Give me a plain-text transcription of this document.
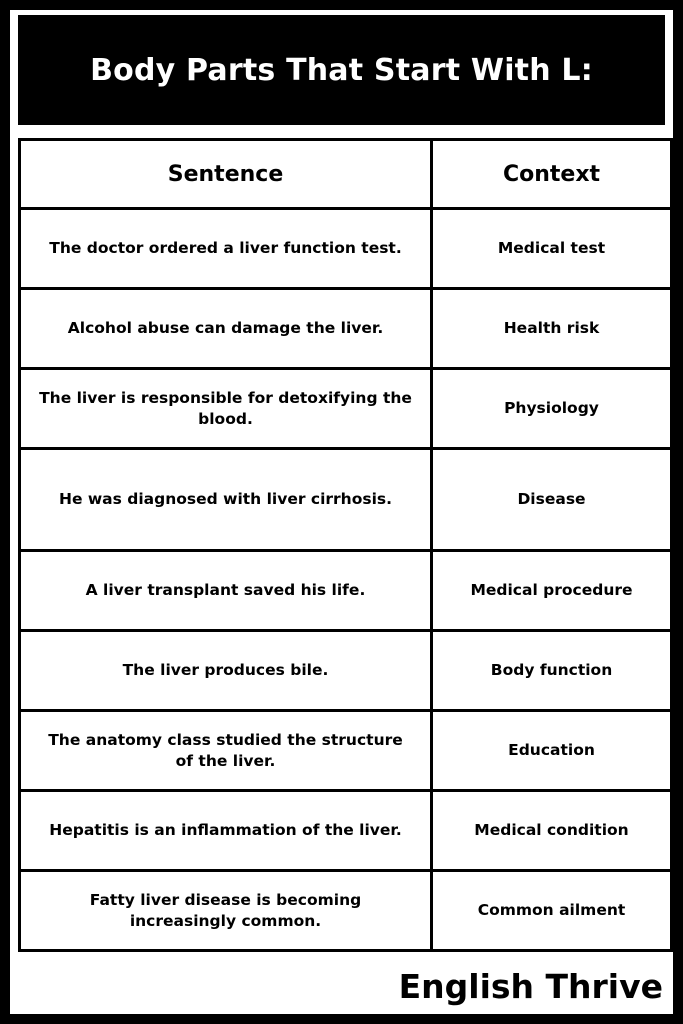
Body Parts That Start With L:
Sentence	Context
The doctor ordered a liver function test.	Medical test
Alcohol abuse can damage the liver.	Health risk
The liver is responsible for detoxifying the blood.	Physiology
He was diagnosed with liver cirrhosis.	Disease
A liver transplant saved his life.	Medical procedure
The liver produces bile.	Body function
The anatomy class studied the structure of the liver.	Education
Hepatitis is an inflammation of the liver.	Medical condition
Fatty liver disease is becoming increasingly common.	Common ailment
English Thrive
